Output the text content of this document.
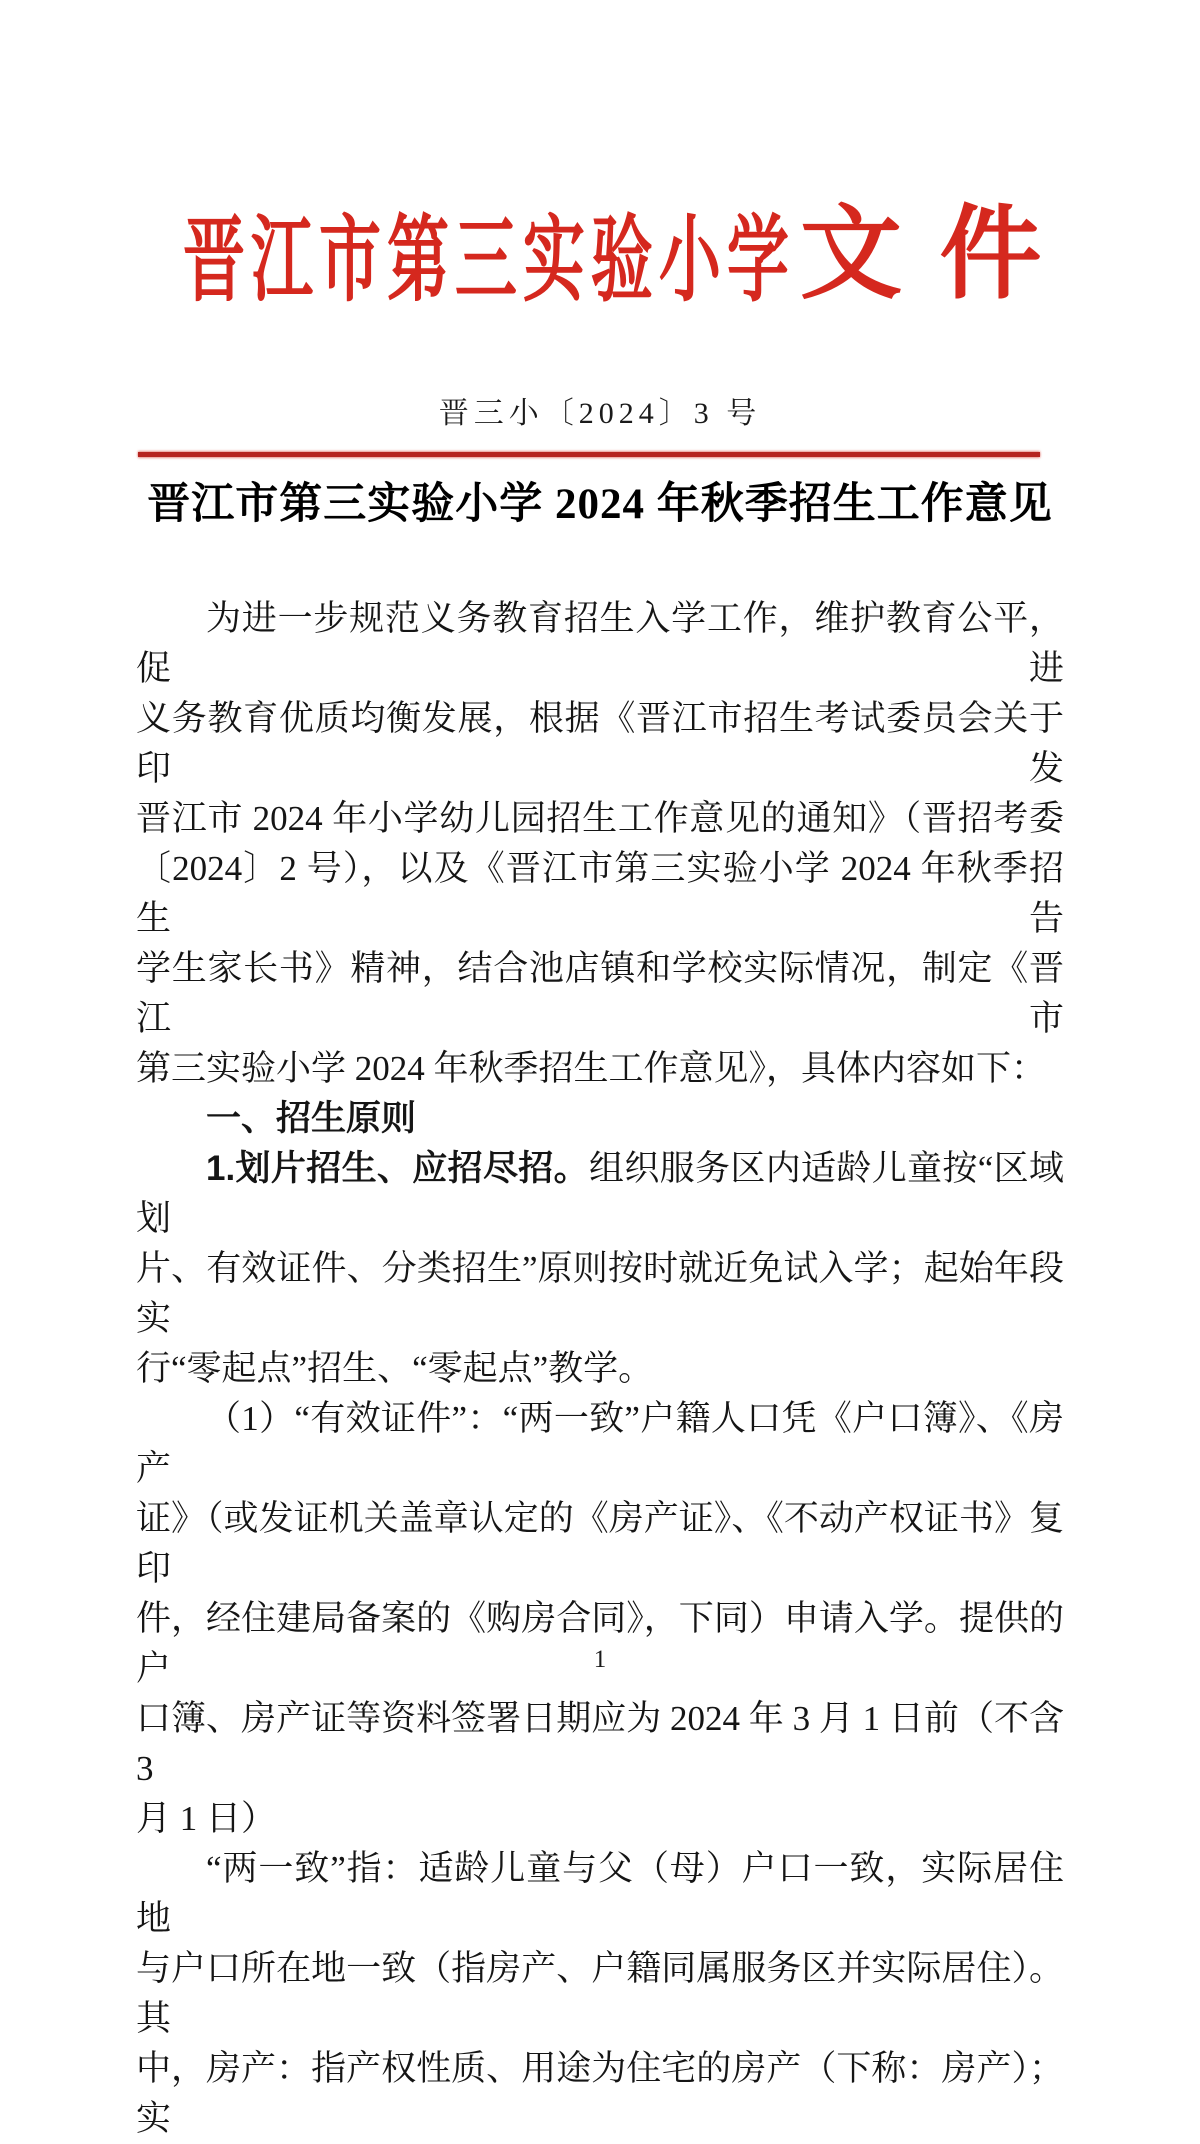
晋江市第三实验小学 文 件
晋三小〔2024〕3 号
晋江市第三实验小学 2024 年秋季招生工作意见
为进一步规范义务教育招生入学工作，维护教育公平，促进
义务教育优质均衡发展，根据《晋江市招生考试委员会关于印发
晋江市 2024 年小学幼儿园招生工作意见的通知》（晋招考委
〔2024〕2 号），以及《晋江市第三实验小学 2024 年秋季招生告
学生家长书》精神，结合池店镇和学校实际情况，制定《晋江市
第三实验小学 2024 年秋季招生工作意见》，具体内容如下：
一、招生原则
1.划片招生、应招尽招。组织服务区内适龄儿童按“区域划
片、有效证件、分类招生”原则按时就近免试入学；起始年段实
行“零起点”招生、“零起点”教学。
（1）“有效证件”：“两一致”户籍人口凭《户口簿》、《房产
证》（或发证机关盖章认定的《房产证》、《不动产权证书》复印
件，经住建局备案的《购房合同》，下同）申请入学。提供的户
口簿、房产证等资料签署日期应为 2024 年 3 月 1 日前（不含 3
月 1 日）
“两一致”指：适龄儿童与父（母）户口一致，实际居住地
与户口所在地一致（指房产、户籍同属服务区并实际居住）。其
中，房产：指产权性质、用途为住宅的房产（下称：房产）；实
1
